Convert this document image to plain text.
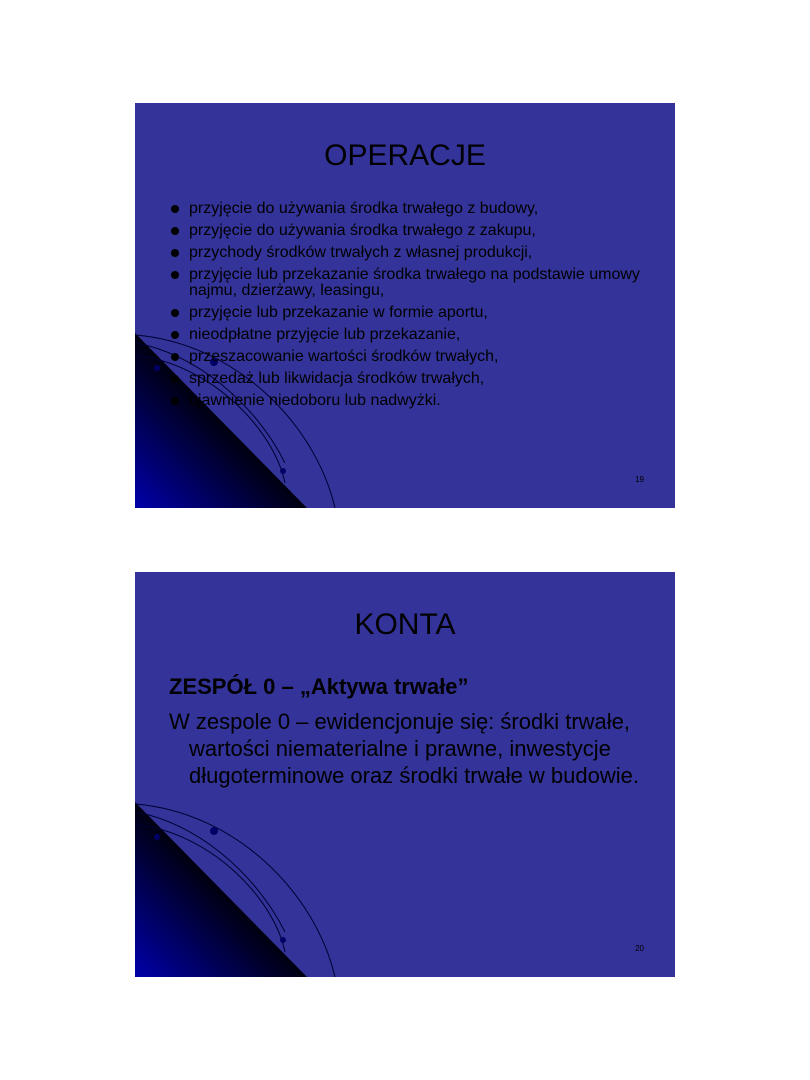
OPERACJE
przyjęcie do używania środka trwałego z budowy,
przyjęcie do używania środka trwałego z zakupu,
przychody środków trwałych z własnej produkcji,
przyjęcie lub przekazanie środka trwałego na podstawie umowy najmu, dzierżawy, leasingu,
przyjęcie lub przekazanie w formie aportu,
nieodpłatne przyjęcie lub przekazanie,
przeszacowanie wartości środków trwałych,
sprzedaż lub likwidacja środków trwałych,
ujawnienie niedoboru lub nadwyżki.
19
KONTA
ZESPÓŁ 0 – „Aktywa trwałe”

W zespole 0 – ewidencjonuje się: środki trwałe, wartości niematerialne i prawne, inwestycje długoterminowe oraz środki trwałe w budowie.

20
